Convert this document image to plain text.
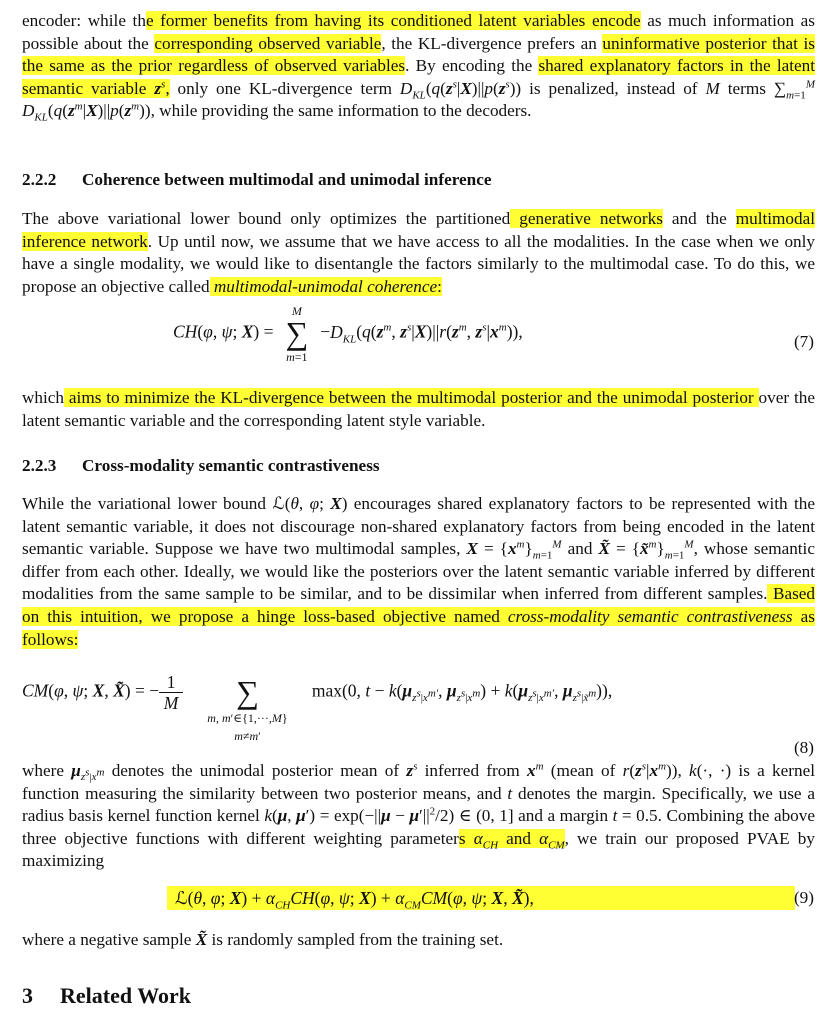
encoder: while the former benefits from having its conditioned latent variables encode as much information as possible about the corresponding observed variable, the KL-divergence prefers an uninformative posterior that is the same as the prior regardless of observed variables. By encoding the shared explanatory factors in the latent semantic variable $z^s$, only one KL-divergence term $D_{KL}(q(z^s|X)||p(z^s))$ is penalized, instead of M terms $\sum_{m=1}^M$ $D_{KL}(q(z^m|X)||p(z^m))$, while providing the same information to the decoders.
2.2.2 Coherence between multimodal and unimodal inference
The above variational lower bound only optimizes the partitioned generative networks and the multimodal inference network. Up until now, we assume that we have access to all the modalities. In the case when we only have a single modality, we would like to disentangle the factors similarly to the multimodal case. To do this, we propose an objective called multimodal-unimodal coherence:
CH(φ, ψ; X) =
M
∑
m=1
$-D_{KL}(q(z^m$, $z^s|X)||r(z^m$, $z^s|x^m$)),	(7)
which aims to minimize the KL-divergence between the multimodal posterior and the unimodal posterior over the latent semantic variable and the corresponding latent style variable.
2.2.3 Cross-modality semantic contrastiveness
While the variational lower bound ℒ(θ, φ; X) encourages shared explanatory factors to be represented with the latent semantic variable, it does not discourage non-shared explanatory factors from being encoded in the latent semantic variable. Suppose we have two multimodal samples, $X = \{x^m\}_{m=1}^M$ and X̃ = $\{x̃^m\}_{m=1}^M$, whose semantic differ from each other. Ideally, we would like the posteriors over the latent semantic variable inferred by different modalities from the same sample to be similar, and to be dissimilar when inferred from different samples. Based on this intuition, we propose a hinge loss-based objective named cross-modality semantic contrastiveness as follows:
CM(φ, ψ; X, X̃) = − $\frac{1}{M}$ ∑
m, m′∈{1,···,M}
m≠m′
max(0, $t - k(\mu_{z^s|x^{m'}}$, $\mu_{z^s|x^m}) + k(\mu_{z^s|x^{m'}}$, $\mu_{z^s|x̃^m}$)),
(8)
where $\mu_{z^s|x^m}$ denotes the unimodal posterior mean of $z^s$ inferred from $x^m$ (mean of $r(z^s|x^m)$), k(·, ·) is a kernel function measuring the similarity between two posterior means, and t denotes the margin. Specifically, we use a radius basis kernel function kernel k(μ, $\mu') = \exp(-||\mu - \mu'||^2/2)$ ∈ (0, 1] and a margin t = 0.5. Combining the above three objective functions with different weighting parameters $\alpha_{CH}$ and $\alpha_{CM}$, we train our proposed PVAE by maximizing
ℒ(θ, φ; $X) + \alpha_{CH}CH(\varphi$, ψ; $X) + \alpha_{CM}CM(\varphi$, ψ; X, X̃),	(9)
where a negative sample X̃ is randomly sampled from the training set.
3 Related Work
